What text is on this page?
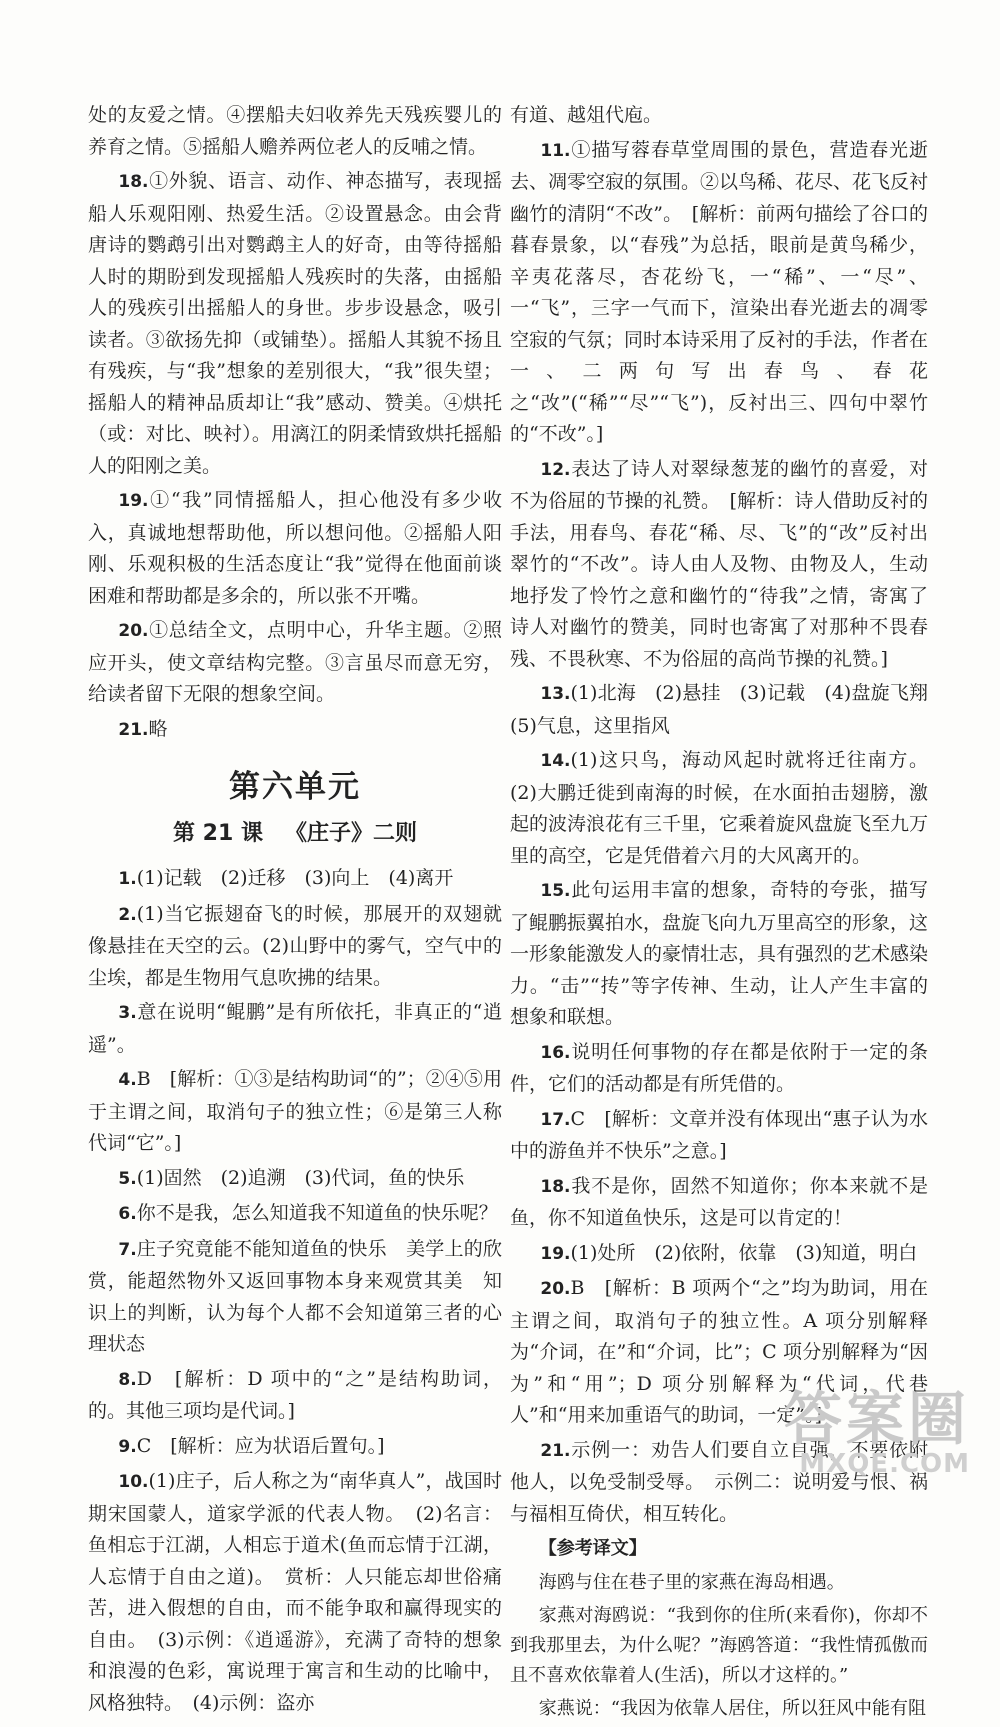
处的友爱之情。④摆船夫妇收养先天残疾婴儿的养育之情。⑤摇船人赡养两位老人的反哺之情。

18.①外貌、语言、动作、神态描写，表现摇船人乐观阳刚、热爱生活。②设置悬念。由会背唐诗的鹦鹉引出对鹦鹉主人的好奇，由等待摇船人时的期盼到发现摇船人残疾时的失落，由摇船人的残疾引出摇船人的身世。步步设悬念，吸引读者。③欲扬先抑（或铺垫）。摇船人其貌不扬且有残疾，与“我”想象的差别很大，“我”很失望；摇船人的精神品质却让“我”感动、赞美。④烘托（或：对比、映衬）。用漓江的阴柔情致烘托摇船人的阳刚之美。

19.①“我”同情摇船人，担心他没有多少收入，真诚地想帮助他，所以想问他。②摇船人阳刚、乐观积极的生活态度让“我”觉得在他面前谈困难和帮助都是多余的，所以张不开嘴。

20.①总结全文，点明中心，升华主题。②照应开头，使文章结构完整。③言虽尽而意无穷，给读者留下无限的想象空间。

21.略

第六单元
第 21 课 《庄子》二则

1.(1)记载　(2)迁移　(3)向上　(4)离开

2.(1)当它振翅奋飞的时候，那展开的双翅就像悬挂在天空的云。(2)山野中的雾气，空气中的尘埃，都是生物用气息吹拂的结果。

3.意在说明“鲲鹏”是有所依托，非真正的“逍遥”。

4.B　[解析：①③是结构助词“的”；②④⑤用于主谓之间，取消句子的独立性；⑥是第三人称代词“它”。]

5.(1)固然　(2)追溯　(3)代词，鱼的快乐

6.你不是我，怎么知道我不知道鱼的快乐呢？

7.庄子究竟能不能知道鱼的快乐　美学上的欣赏，能超然物外又返回事物本身来观赏其美　知识上的判断，认为每个人都不会知道第三者的心理状态

8.D　[解析：D 项中的“之”是结构助词，的。其他三项均是代词。]

9.C　[解析：应为状语后置句。]

10.(1)庄子，后人称之为“南华真人”，战国时期宋国蒙人，道家学派的代表人物。　(2)名言：鱼相忘于江湖，人相忘于道术(鱼而忘情于江湖，人忘情于自由之道)。　赏析：人只能忘却世俗痛苦，进入假想的自由，而不能争取和赢得现实的自由。　(3)示例：《逍遥游》，充满了奇特的想象和浪漫的色彩，寓说理于寓言和生动的比喻中，风格独特。　(4)示例：盗亦

有道、越俎代庖。

11.①描写蓉春草堂周围的景色，营造春光逝去、凋零空寂的氛围。②以鸟稀、花尽、花飞反衬幽竹的清阴“不改”。　[解析：前两句描绘了谷口的暮春景象，以“春残”为总括，眼前是黄鸟稀少，辛夷花落尽，杏花纷飞，一“稀”、一“尽”、一“飞”，三字一气而下，渲染出春光逝去的凋零空寂的气氛；同时本诗采用了反衬的手法，作者在一、二两句写出春鸟、春花之“改”(“稀”“尽”“飞”)，反衬出三、四句中翠竹的“不改”。]

12.表达了诗人对翠绿葱茏的幽竹的喜爱，对不为俗屈的节操的礼赞。　[解析：诗人借助反衬的手法，用春鸟、春花“稀、尽、飞”的“改”反衬出翠竹的“不改”。诗人由人及物、由物及人，生动地抒发了怜竹之意和幽竹的“待我”之情，寄寓了诗人对幽竹的赞美，同时也寄寓了对那种不畏春残、不畏秋寒、不为俗屈的高尚节操的礼赞。]

13.(1)北海　(2)悬挂　(3)记载　(4)盘旋飞翔　(5)气息，这里指风

14.(1)这只鸟，海动风起时就将迁往南方。(2)大鹏迁徙到南海的时候，在水面拍击翅膀，激起的波涛浪花有三千里，它乘着旋风盘旋飞至九万里的高空，它是凭借着六月的大风离开的。

15.此句运用丰富的想象，奇特的夸张，描写了鲲鹏振翼拍水，盘旋飞向九万里高空的形象，这一形象能激发人的豪情壮志，具有强烈的艺术感染力。“击”“抟”等字传神、生动，让人产生丰富的想象和联想。

16.说明任何事物的存在都是依附于一定的条件，它们的活动都是有所凭借的。

17.C　[解析：文章并没有体现出“惠子认为水中的游鱼并不快乐”之意。]

18.我不是你，固然不知道你；你本来就不是鱼，你不知道鱼快乐，这是可以肯定的！

19.(1)处所　(2)依附，依靠　(3)知道，明白

20.B　[解析：B 项两个“之”均为助词，用在主谓之间，取消句子的独立性。A 项分别解释为“介词，在”和“介词，比”；C 项分别解释为“因为”和“用”；D 项分别解释为“代词，代巷人”和“用来加重语气的助词，一定”。]

21.示例一：劝告人们要自立自强，不要依附他人，以免受制受辱。　示例二：说明爱与恨、祸与福相互倚伏，相互转化。

【参考译文】

海鸥与住在巷子里的家燕在海岛相遇。

家燕对海鸥说：“我到你的住所(来看你)，你却不到我那里去，为什么呢？”海鸥答道：“我性情孤傲而且不喜欢依靠着人(生活)，所以才这样的。”

家燕说：“我因为依靠人居住，所以狂风中能有阻

答案圈
MXQE.COM
